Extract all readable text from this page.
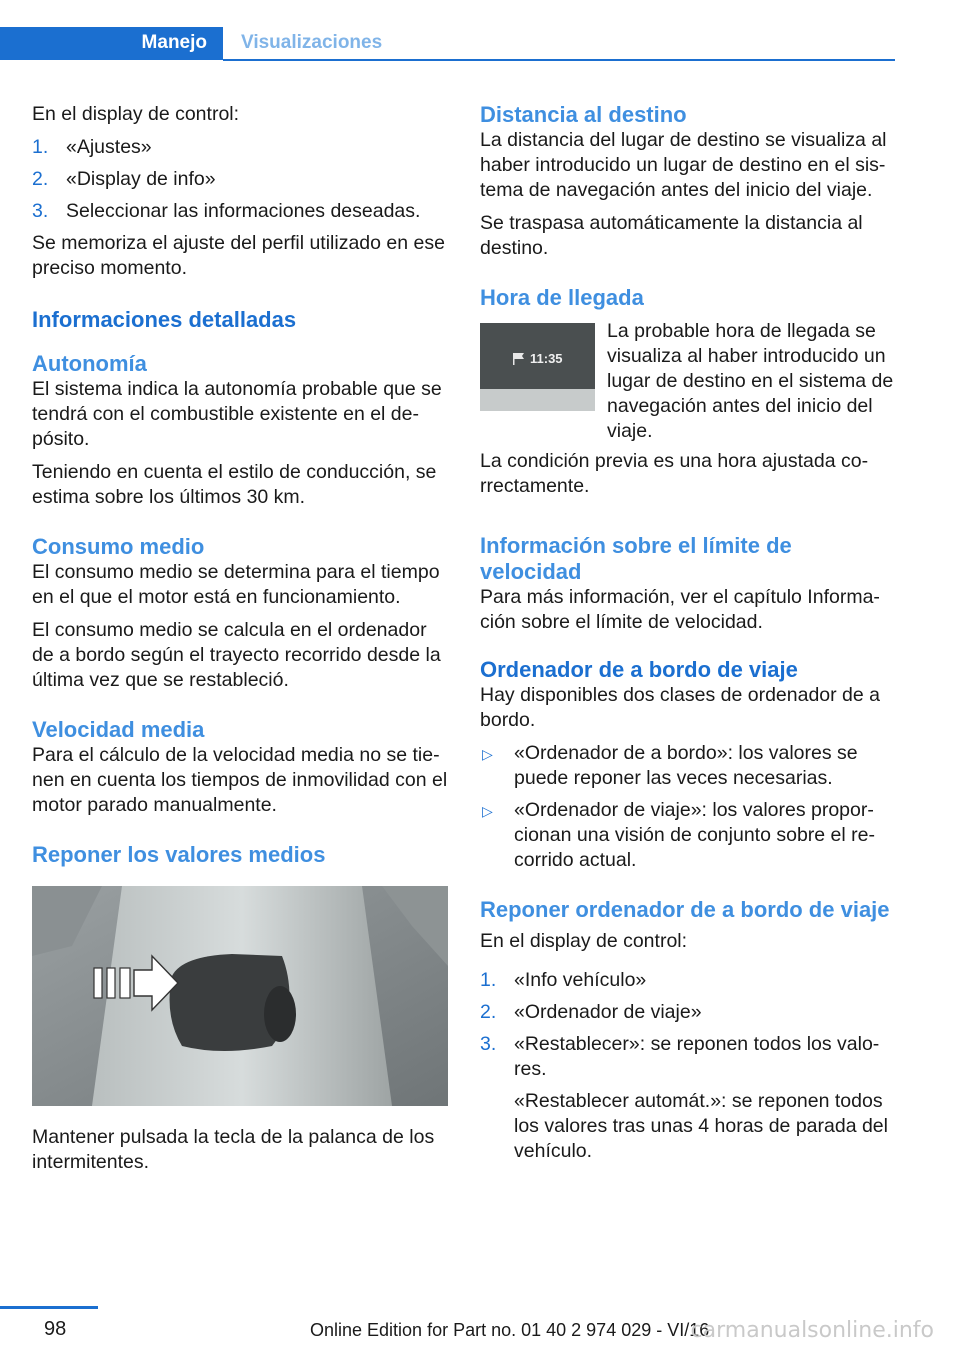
Manejo Visualizaciones

En el display de control:

1. «Ajustes»
2. «Display de info»
3. Seleccionar las informaciones deseadas.

Se memoriza el ajuste del perfil utilizado en ese preciso momento.

Informaciones detalladas
Autonomía

El sistema indica la autonomía probable que se tendrá con el combustible existente en el de‐pósito.

Teniendo en cuenta el estilo de conducción, se estima sobre los últimos 30 km.

Consumo medio

El consumo medio se determina para el tiempo en el que el motor está en funcionamiento.

El consumo medio se calcula en el ordenador de a bordo según el trayecto recorrido desde la última vez que se restableció.

Velocidad media

Para el cálculo de la velocidad media no se tie‐nen en cuenta los tiempos de inmovilidad con el motor parado manualmente.

Reponer los valores medios

Mantener pulsada la tecla de la palanca de los intermitentes.

Distancia al destino

La distancia del lugar de destino se visualiza al haber introducido un lugar de destino en el sis‐tema de navegación antes del inicio del viaje.

Se traspasa automáticamente la distancia al destino.

Hora de llegada
11:35

La probable hora de llegada se visualiza al haber introducido un lugar de destino en el sistema de navegación antes del inicio del viaje.

La condición previa es una hora ajustada co‐rrectamente.

Información sobre el límite de velocidad

Para más información, ver el capítulo Informa‐ción sobre el límite de velocidad.

Ordenador de a bordo de viaje

Hay disponibles dos clases de ordenador de a bordo.

▷ «Ordenador de a bordo»: los valores se puede reponer las veces necesarias.
▷ «Ordenador de viaje»: los valores propor‐cionan una visión de conjunto sobre el re‐corrido actual.
Reponer ordenador de a bordo de viaje

En el display de control:

1. «Info vehículo»
2. «Ordenador de viaje»
3. «Restablecer»: se reponen todos los valo‐res.

«Restablecer automát.»: se reponen todos los valores tras unas 4 horas de parada del vehículo.

98	Online Edition for Part no. 01 40 2 974 029 - VI/16
carmanualsonline.info
